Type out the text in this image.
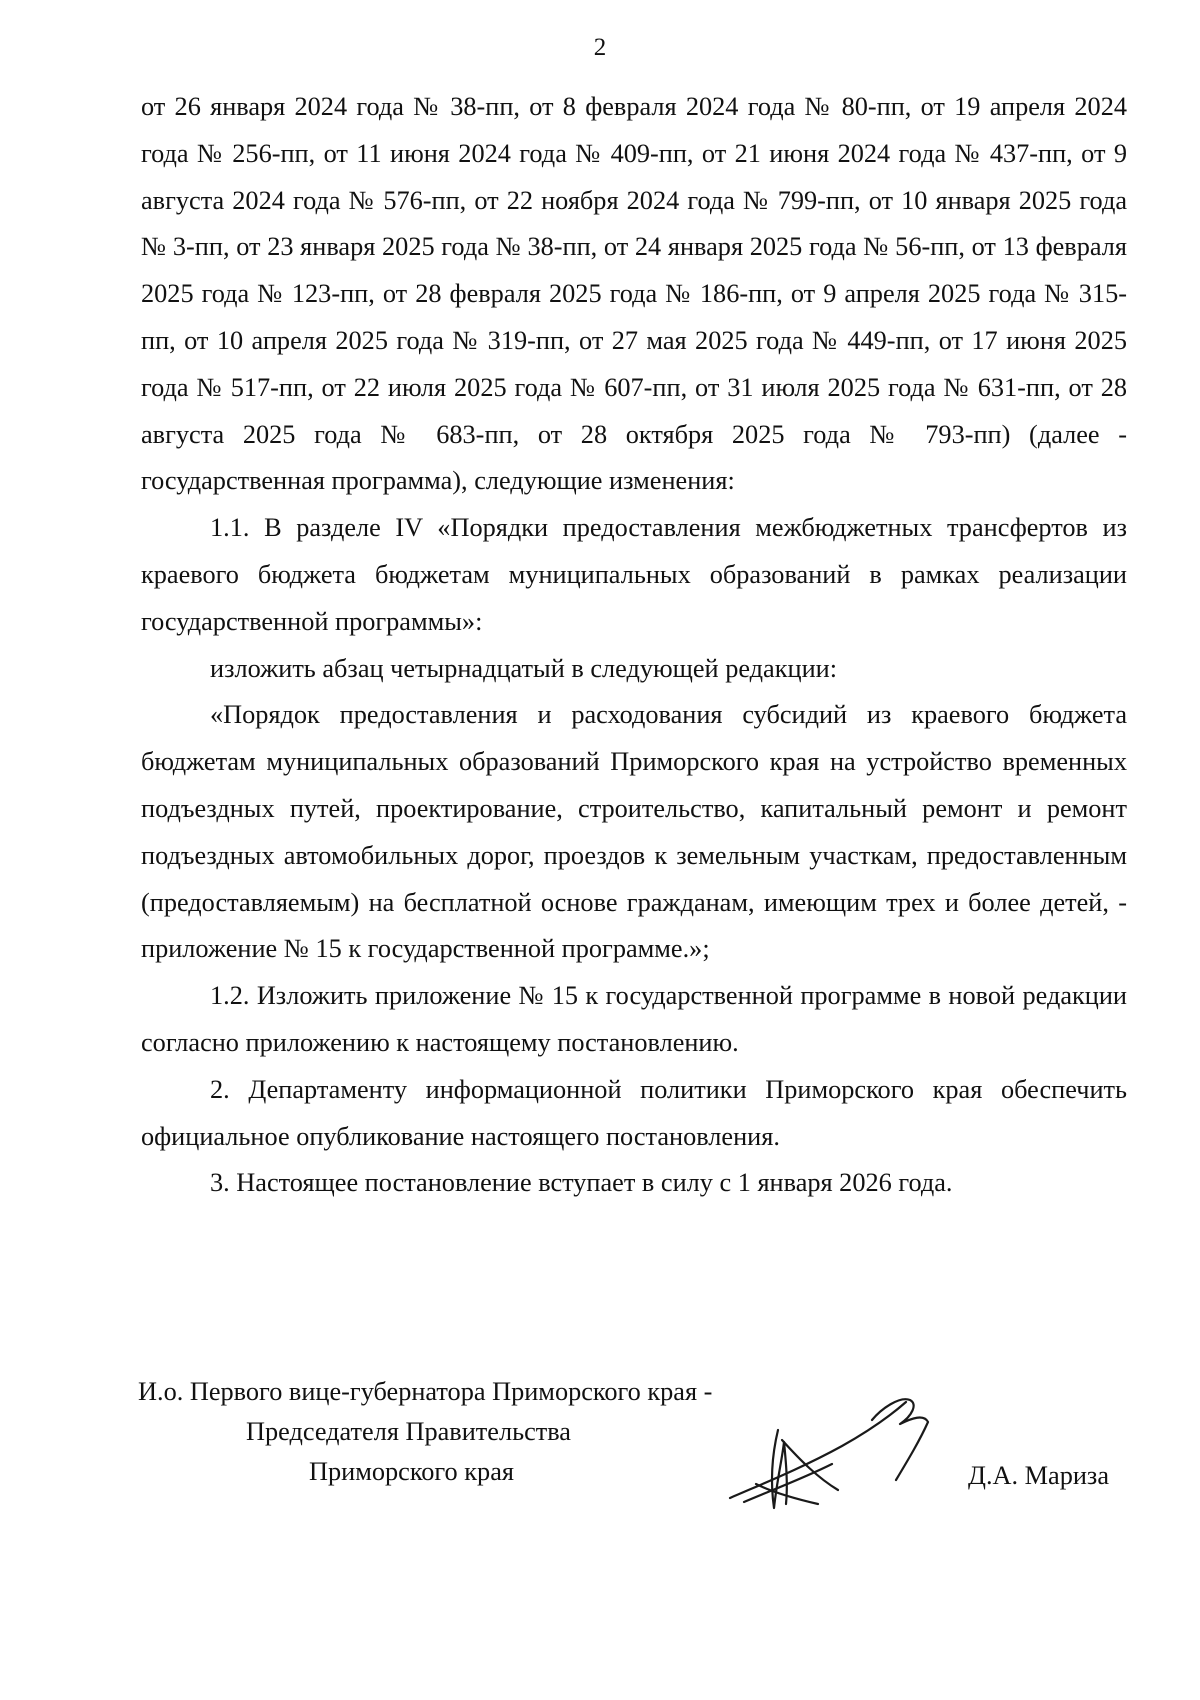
2

от 26 января 2024 года № 38-пп, от 8 февраля 2024 года № 80-пп, от 19 апреля 2024 года № 256-пп, от 11 июня 2024 года № 409-пп, от 21 июня 2024 года № 437-пп, от 9 августа 2024 года № 576-пп, от 22 ноября 2024 года № 799-пп, от 10 января 2025 года № 3-пп, от 23 января 2025 года № 38-пп, от 24 января 2025 года № 56-пп, от 13 февраля 2025 года № 123-пп, от 28 февраля 2025 года № 186-пп, от 9 апреля 2025 года № 315-пп, от 10 апреля 2025 года № 319-пп, от 27 мая 2025 года № 449-пп, от 17 июня 2025 года № 517-пп, от 22 июля 2025 года № 607-пп, от 31 июля 2025 года № 631-пп, от 28 августа 2025 года № 683-пп, от 28 октября 2025 года № 793-пп) (далее - государственная программа), следующие изменения:

1.1. В разделе IV «Порядки предоставления межбюджетных трансфертов из краевого бюджета бюджетам муниципальных образований в рамках реализации государственной программы»:

изложить абзац четырнадцатый в следующей редакции:

«Порядок предоставления и расходования субсидий из краевого бюджета бюджетам муниципальных образований Приморского края на устройство временных подъездных путей, проектирование, строительство, капитальный ремонт и ремонт подъездных автомобильных дорог, проездов к земельным участкам, предоставленным (предоставляемым) на бесплатной основе гражданам, имеющим трех и более детей, - приложение № 15 к государственной программе.»;

1.2. Изложить приложение № 15 к государственной программе в новой редакции согласно приложению к настоящему постановлению.

2. Департаменту информационной политики Приморского края обеспечить официальное опубликование настоящего постановления.

3. Настоящее постановление вступает в силу с 1 января 2026 года.

И.о. Первого вице-губернатора Приморского края -
Председателя Правительства
Приморского края	Д.А. Мариза
